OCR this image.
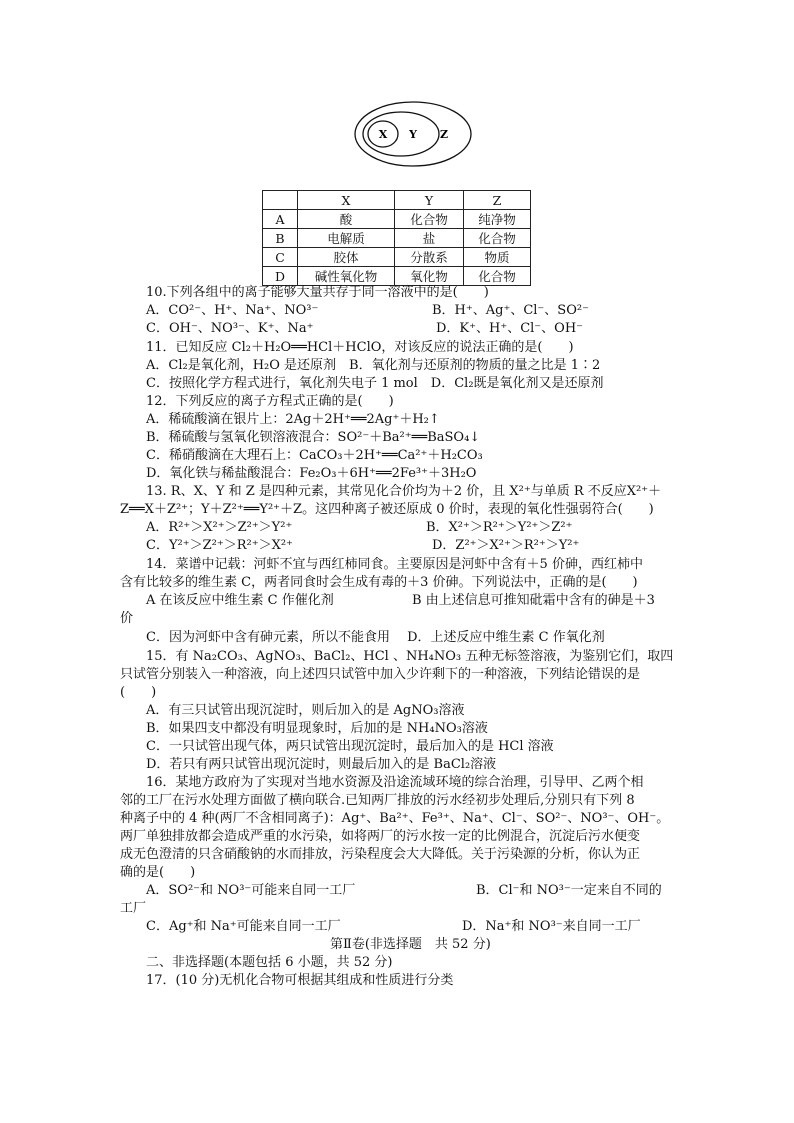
X Y Z
	X	Y	Z
A	酸	化合物	纯净物
B	电解质	盐	化合物
C	胶体	分散系	物质
D	碱性氧化物	氧化物	化合物
10.下列各组中的离子能够大量共存于同一溶液中的是(　　)
A．CO²⁻、H⁺、Na⁺、NO³⁻	B．H⁺、Ag⁺、Cl⁻、SO²⁻
C．OH⁻、NO³⁻、K⁺、Na⁺	D．K⁺、H⁺、Cl⁻、OH⁻
11．已知反应 Cl₂＋H₂O══HCl＋HClO，对该反应的说法正确的是(　　)
A．Cl₂是氧化剂，H₂O 是还原剂　B．氧化剂与还原剂的物质的量之比是 1∶2
C．按照化学方程式进行，氧化剂失电子 1 mol　D．Cl₂既是氧化剂又是还原剂
12．下列反应的离子方程式正确的是(　　)
A．稀硫酸滴在银片上：2Ag＋2H⁺══2Ag⁺＋H₂↑
B．稀硫酸与氢氧化钡溶液混合：SO²⁻＋Ba²⁺══BaSO₄↓
C．稀硝酸滴在大理石上：CaCO₃＋2H⁺══Ca²⁺＋H₂CO₃
D．氧化铁与稀盐酸混合：Fe₂O₃＋6H⁺══2Fe³⁺＋3H₂O
13. R、X、Y 和 Z 是四种元素，其常见化合价均为＋2 价，且 X²⁺与单质 R 不反应X²⁺＋
Z══X＋Z²⁺；Y＋Z²⁺══Y²⁺＋Z。这四种离子被还原成 0 价时，表现的氧化性强弱符合(　　)
A．R²⁺＞X²⁺＞Z²⁺＞Y²⁺	B．X²⁺＞R²⁺＞Y²⁺＞Z²⁺
C．Y²⁺＞Z²⁺＞R²⁺＞X²⁺	D．Z²⁺＞X²⁺＞R²⁺＞Y²⁺
14．菜谱中记载：河虾不宜与西红柿同食。主要原因是河虾中含有＋5 价砷，西红柿中
含有比较多的维生素 C，两者同食时会生成有毒的＋3 价砷。下列说法中，正确的是(　　)
A 在该反应中维生素 C 作催化剂	B 由上述信息可推知砒霜中含有的砷是＋3
价
C．因为河虾中含有砷元素，所以不能食用　 D．上述反应中维生素 C 作氧化剂
15．有 Na₂CO₃、AgNO₃、BaCl₂、HCl 、NH₄NO₃ 五种无标签溶液，为鉴别它们，取四
只试管分别装入一种溶液，向上述四只试管中加入少许剩下的一种溶液，下列结论错误的是
(　　)
A．有三只试管出现沉淀时，则后加入的是 AgNO₃溶液
B．如果四支中都没有明显现象时，后加的是 NH₄NO₃溶液
C．一只试管出现气体，两只试管出现沉淀时，最后加入的是 HCl 溶液
D．若只有两只试管出现沉淀时，则最后加入的是 BaCl₂溶液
16．某地方政府为了实现对当地水资源及沿途流域环境的综合治理，引导甲、乙两个相
邻的工厂在污水处理方面做了横向联合.已知两厂排放的污水经初步处理后,分别只有下列 8
种离子中的 4 种(两厂不含相同离子)：Ag⁺、Ba²⁺、Fe³⁺、Na⁺、Cl⁻、SO²⁻、NO³⁻、OH⁻。
两厂单独排放都会造成严重的水污染，如将两厂的污水按一定的比例混合，沉淀后污水便变
成无色澄清的只含硝酸钠的水而排放，污染程度会大大降低。关于污染源的分析，你认为正
确的是(　　)
A．SO²⁻和 NO³⁻可能来自同一工厂	B．Cl⁻和 NO³⁻一定来自不同的
工厂
C．Ag⁺和 Na⁺可能来自同一工厂	D．Na⁺和 NO³⁻来自同一工厂
第Ⅱ卷(非选择题　共 52 分)
二、非选择题(本题包括 6 小题，共 52 分)
17．(10 分)无机化合物可根据其组成和性质进行分类
